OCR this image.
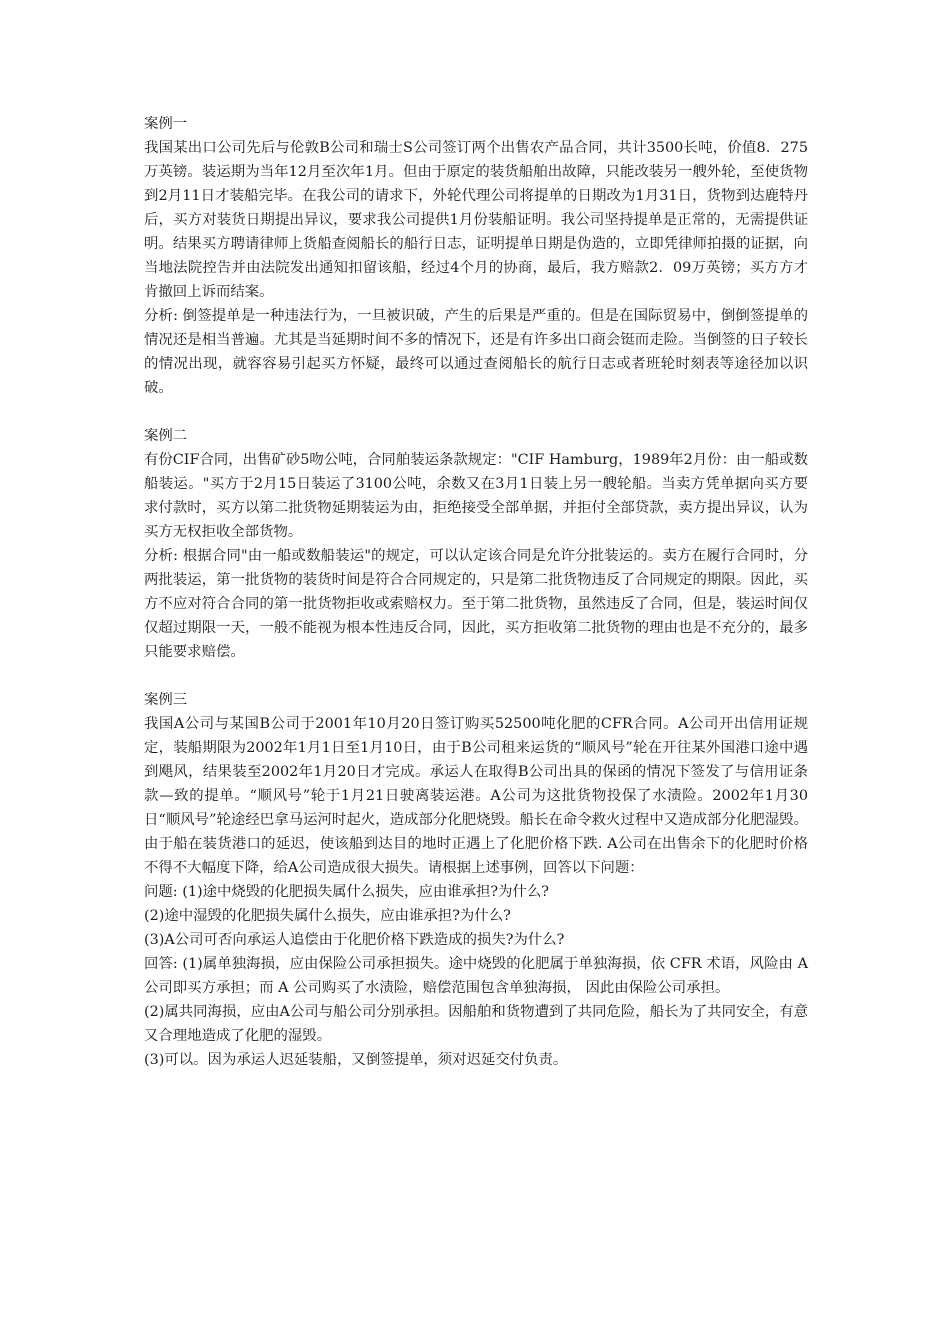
案例一

我国某出口公司先后与伦敦B公司和瑞士S公司签订两个出售农产品合同，共计3500长吨，价值8．275万英镑。装运期为当年12月至次年1月。但由于原定的装货船舶出故障，只能改装另一艘外轮，至使货物到2月11日才装船完毕。在我公司的请求下，外轮代理公司将提单的日期改为1月31日，货物到达鹿特丹后，买方对装货日期提出异议，要求我公司提供1月份装船证明。我公司坚持提单是正常的，无需提供证明。结果买方聘请律师上货船查阅船长的船行日志，证明提单日期是伪造的，立即凭律师拍摄的证据，向当地法院控告并由法院发出通知扣留该船，经过4个月的协商，最后，我方赔款2．09万英镑；买方方才肯撤回上诉而结案。

分析: 倒签提单是一种违法行为，一旦被识破，产生的后果是严重的。但是在国际贸易中，倒倒签提单的情况还是相当普遍。尤其是当延期时间不多的情况下，还是有许多出口商会铤而走险。当倒签的日子较长的情况出现，就容容易引起买方怀疑，最终可以通过查阅船长的航行日志或者班轮时刻表等途径加以识破。

案例二

有份CIF合同，出售矿砂5吻公吨，合同舶装运条款规定："CIF Hamburg，1989年2月份：由一船或数船装运。"买方于2月15日装运了3100公吨，余数又在3月1日装上另一艘轮船。当卖方凭单据向买方要求付款时，买方以第二批货物延期装运为由，拒绝接受全部单据，并拒付全部贷款，卖方提出异议，认为买方无权拒收全部货物。

分析: 根据合同"由一船或数船装运"的规定，可以认定该合同是允许分批装运的。卖方在履行合同时，分两批装运，第一批货物的装货时间是符合合同规定的，只是第二批货物违反了合同规定的期限。因此，买方不应对符合合同的第一批货物拒收或索赔权力。至于第二批货物，虽然违反了合同，但是，装运时间仅仅超过期限一天，一般不能视为根本性违反合同，因此，买方拒收第二批货物的理由也是不充分的，最多只能要求赔偿。

案例三

我国A公司与某国B公司于2001年10月20日签订购买52500吨化肥的CFR合同。A公司开出信用证规定，装船期限为2002年1月1日至1月10日，由于B公司租来运货的“顺风号”轮在开往某外国港口途中遇到飓风，结果装至2002年1月20日才完成。承运人在取得B公司出具的保函的情况下签发了与信用证条款—致的提单。“顺风号”轮于1月21日驶离装运港。A公司为这批货物投保了水渍险。2002年1月30日“顺风号”轮途经巴拿马运河时起火，造成部分化肥烧毁。船长在命令救火过程中又造成部分化肥湿毁。由于船在装货港口的延迟，使该船到达目的地时正遇上了化肥价格下跌. A公司在出售余下的化肥时价格不得不大幅度下降，给A公司造成很大损失。请根据上述事例，回答以下问题：

问题: (1)途中烧毁的化肥损失属什么损失，应由谁承担?为什么?

(2)途中湿毁的化肥损失属什么损失，应由谁承担?为什么?

(3)A公司可否向承运人追偿由于化肥价格下跌造成的损失?为什么?

回答: (1)属单独海损，应由保险公司承担损失。途中烧毁的化肥属于单独海损，依 CFR 术语，风险由 A 公司即买方承担；而 A 公司购买了水渍险，赔偿范围包含单独海损， 因此由保险公司承担。

(2)属共同海损，应由A公司与船公司分别承担。因船舶和货物遭到了共同危险，船长为了共同安全，有意又合理地造成了化肥的湿毁。

(3)可以。因为承运人迟延装船，又倒签提单，须对迟延交付负责。
